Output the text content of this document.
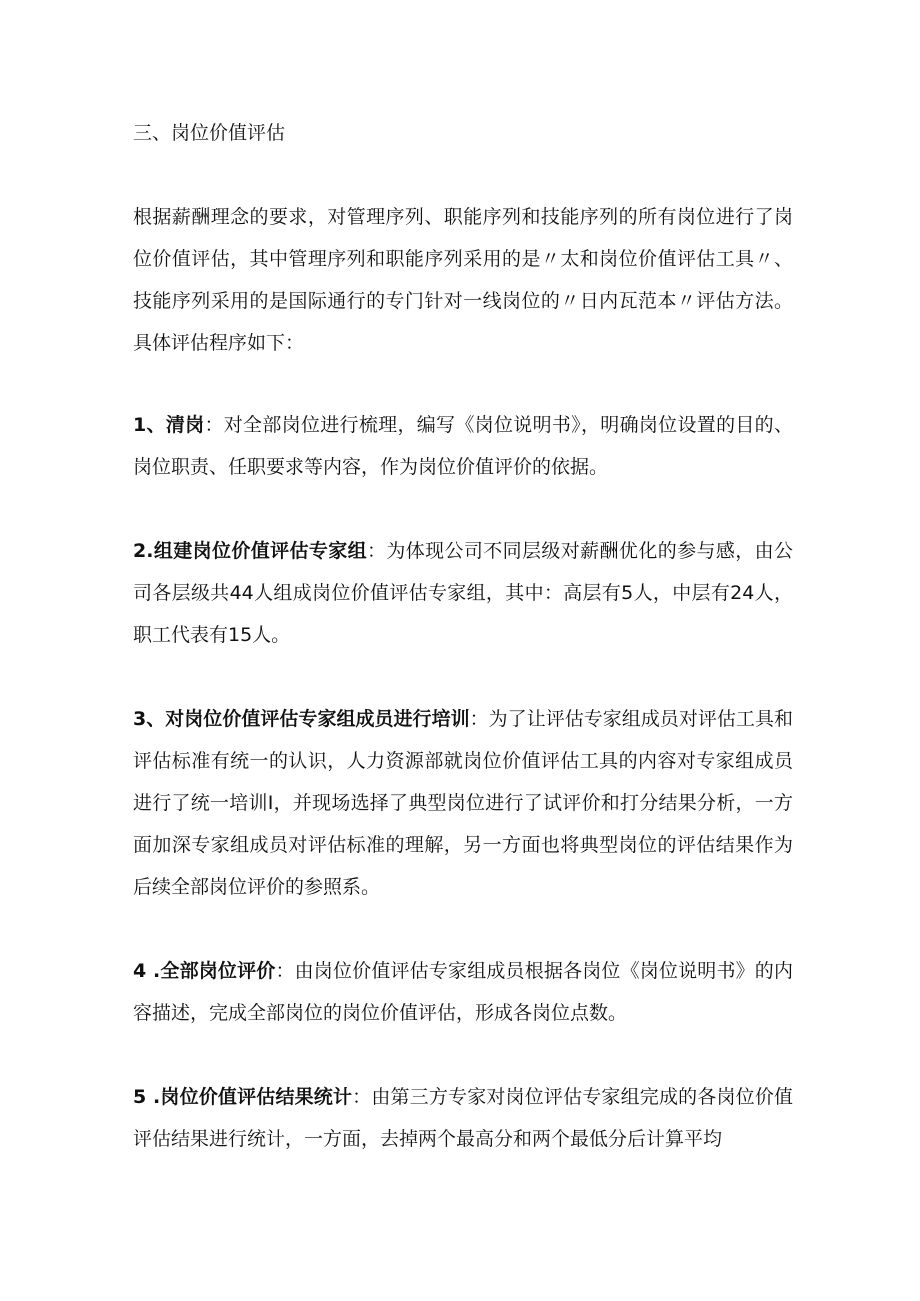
三、岗位价值评估

根据薪酬理念的要求，对管理序列、职能序列和技能序列的所有岗位进行了岗位价值评估，其中管理序列和职能序列采用的是〃太和岗位价值评估工具〃、技能序列采用的是国际通行的专门针对一线岗位的〃日内瓦范本〃评估方法。具体评估程序如下：

1、清岗：对全部岗位进行梳理，编写《岗位说明书》，明确岗位设置的目的、岗位职责、任职要求等内容，作为岗位价值评价的依据。

2.组建岗位价值评估专家组：为体现公司不同层级对薪酬优化的参与感，由公司各层级共44人组成岗位价值评估专家组，其中：高层有5人，中层有24人，职工代表有15人。

3、对岗位价值评估专家组成员进行培训：为了让评估专家组成员对评估工具和评估标准有统一的认识，人力资源部就岗位价值评估工具的内容对专家组成员进行了统一培训I，并现场选择了典型岗位进行了试评价和打分结果分析，一方面加深专家组成员对评估标准的理解，另一方面也将典型岗位的评估结果作为后续全部岗位评价的参照系。

4 .全部岗位评价：由岗位价值评估专家组成员根据各岗位《岗位说明书》的内容描述，完成全部岗位的岗位价值评估，形成各岗位点数。

5 .岗位价值评估结果统计：由第三方专家对岗位评估专家组完成的各岗位价值评估结果进行统计，一方面，去掉两个最高分和两个最低分后计算平均
